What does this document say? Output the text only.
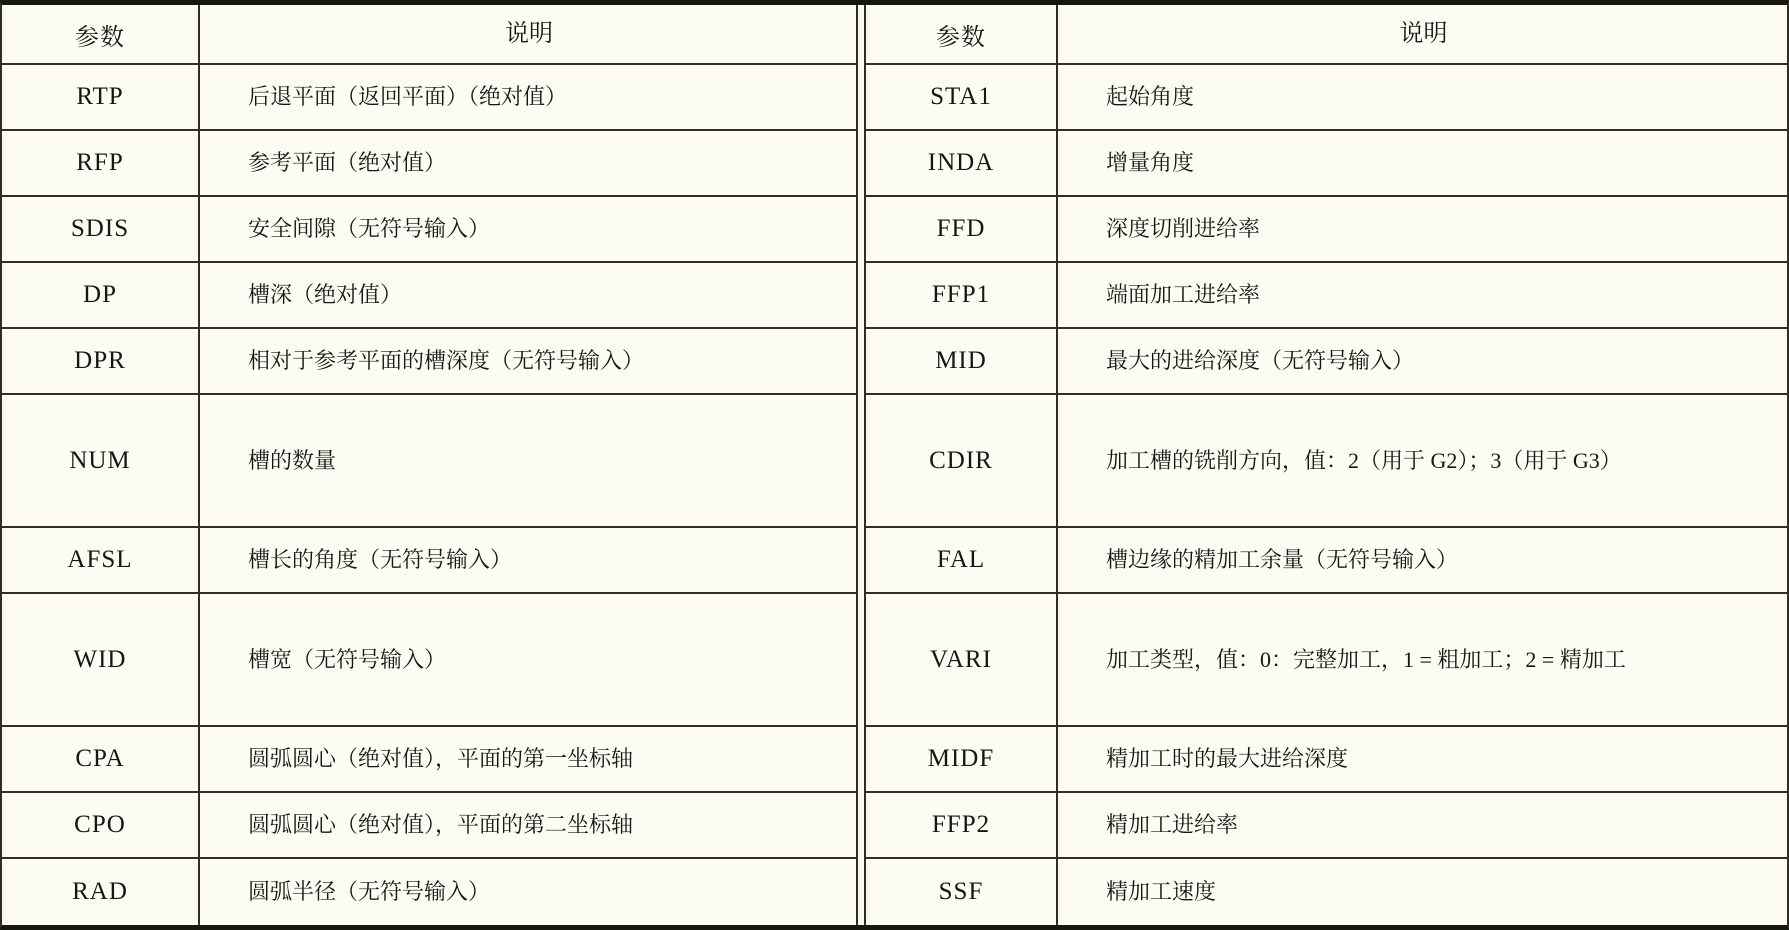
参数	说明
RTP	后退平面（返回平面）（绝对值）
RFP	参考平面（绝对值）
SDIS	安全间隙（无符号输入）
DP	槽深（绝对值）
DPR	相对于参考平面的槽深度（无符号输入）
NUM	槽的数量
AFSL	槽长的角度（无符号输入）
WID	槽宽（无符号输入）
CPA	圆弧圆心（绝对值），平面的第一坐标轴
CPO	圆弧圆心（绝对值），平面的第二坐标轴
RAD	圆弧半径（无符号输入）
参数	说明
STA1	起始角度
INDA	增量角度
FFD	深度切削进给率
FFP1	端面加工进给率
MID	最大的进给深度（无符号输入）
CDIR	加工槽的铣削方向，值：2（用于 G2）；3（用于 G3）
FAL	槽边缘的精加工余量（无符号输入）
VARI	加工类型，值：0：完整加工，1 = 粗加工；2 = 精加工
MIDF	精加工时的最大进给深度
FFP2	精加工进给率
SSF	精加工速度
